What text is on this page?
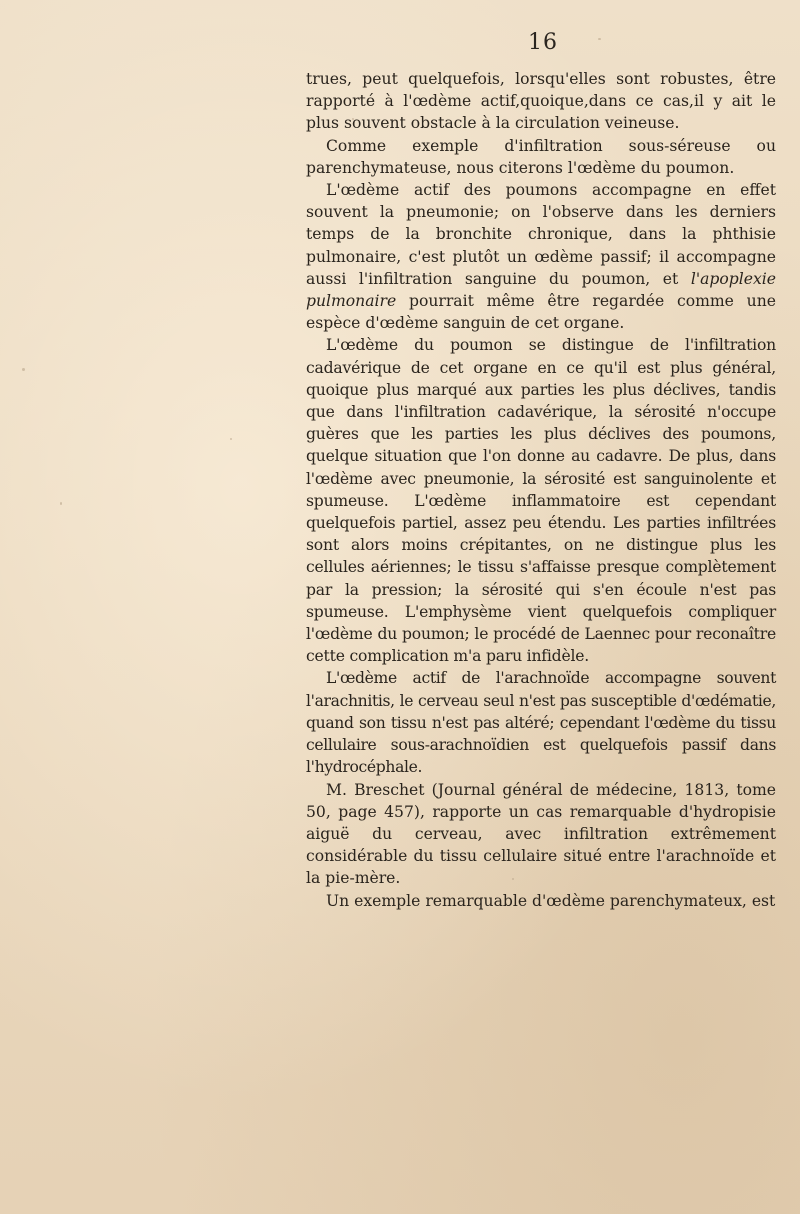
16

trues, peut quelquefois, lorsqu'elles sont robustes, être rapporté à l'œdème actif,quoique,dans ce cas,il y ait le plus souvent obstacle à la circulation veineuse.

Comme exemple d'infiltration sous-séreuse ou parenchymateuse, nous citerons l'œdème du poumon.

L'œdème actif des poumons accompagne en effet souvent la pneumonie; on l'observe dans les derniers temps de la bronchite chronique, dans la phthisie pulmonaire, c'est plutôt un œdème passif; il accompagne aussi l'infiltration sanguine du poumon, et l'apoplexie pulmonaire pourrait même être regardée comme une espèce d'œdème sanguin de cet organe.

L'œdème du poumon se distingue de l'infiltration cadavérique de cet organe en ce qu'il est plus général, quoique plus marqué aux parties les plus déclives, tandis que dans l'infiltration cadavérique, la sérosité n'occupe guères que les parties les plus déclives des poumons, quelque situation que l'on donne au cadavre. De plus, dans l'œdème avec pneumonie, la sérosité est sanguinolente et spumeuse. L'œdème inflammatoire est cependant quelquefois partiel, assez peu étendu. Les parties infiltrées sont alors moins crépitantes, on ne distingue plus les cellules aériennes; le tissu s'affaisse presque complètement par la pression; la sérosité qui s'en écoule n'est pas spumeuse. L'emphysème vient quelquefois compliquer l'œdème du poumon; le procédé de Laennec pour reconaître cette complication m'a paru infidèle.

L'œdème actif de l'arachnoïde accompagne souvent l'arachnitis, le cerveau seul n'est pas susceptible d'œdématie, quand son tissu n'est pas altéré; cependant l'œdème du tissu cellulaire sous-arachnoïdien est quelquefois passif dans l'hydrocéphale.

M. Breschet (Journal général de médecine, 1813, tome 50, page 457), rapporte un cas remarquable d'hydropisie aiguë du cerveau, avec infiltration extrêmement considérable du tissu cellulaire situé entre l'arachnoïde et la pie-mère.

Un exemple remarquable d'œdème parenchymateux, est
